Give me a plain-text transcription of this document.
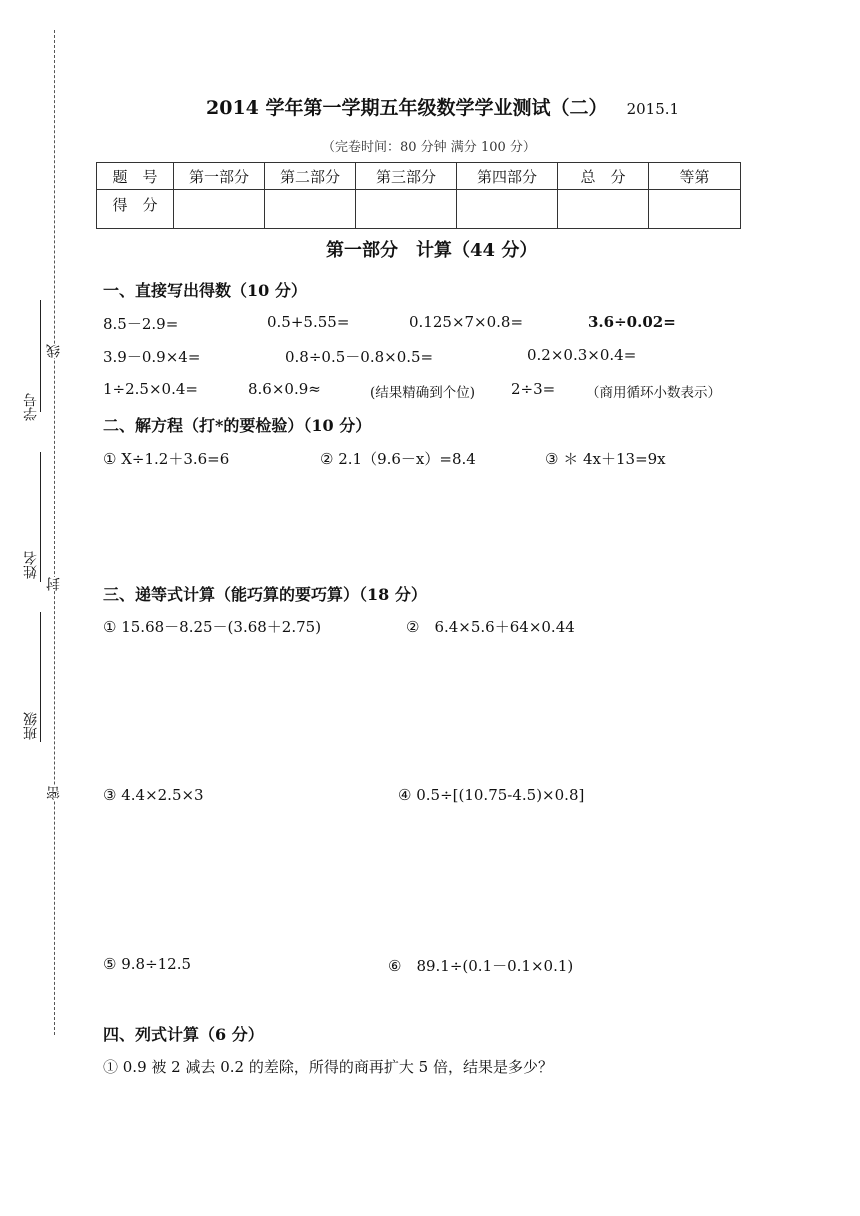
线
封
密
学号
姓名
班级
2014 学年第一学期五年级数学学业测试（二） 2015.1
（完卷时间：80 分钟 满分 100 分）
题　号	第一部分	第二部分	第三部分	第四部分	总　分	等第
得　分						
第一部分　计算（44 分）
一、直接写出得数（10 分）
8.5－2.9=	0.5+5.55=	0.125×7×0.8=	3.6÷0.02=
3.9－0.9×4=	0.8÷0.5－0.8×0.5=	0.2×0.3×0.4=
1÷2.5×0.4=	8.6×0.9≈	(结果精确到个位) 2÷3= （商用循环小数表示）
二、解方程（打*的要检验）（10 分）
① X÷1.2＋3.6=6	② 2.1（9.6－x）=8.4	③ ＊ 4x＋13=9x
三、递等式计算（能巧算的要巧算）（18 分）
① 15.68－8.25－(3.68＋2.75)	②　6.4×5.6＋64×0.44
③ 4.4×2.5×3	④ 0.5÷[(10.75-4.5)×0.8]
⑤ 9.8÷12.5	⑥　89.1÷(0.1－0.1×0.1)
四、列式计算（6 分）
① 0.9 被 2 减去 0.2 的差除，所得的商再扩大 5 倍，结果是多少？
